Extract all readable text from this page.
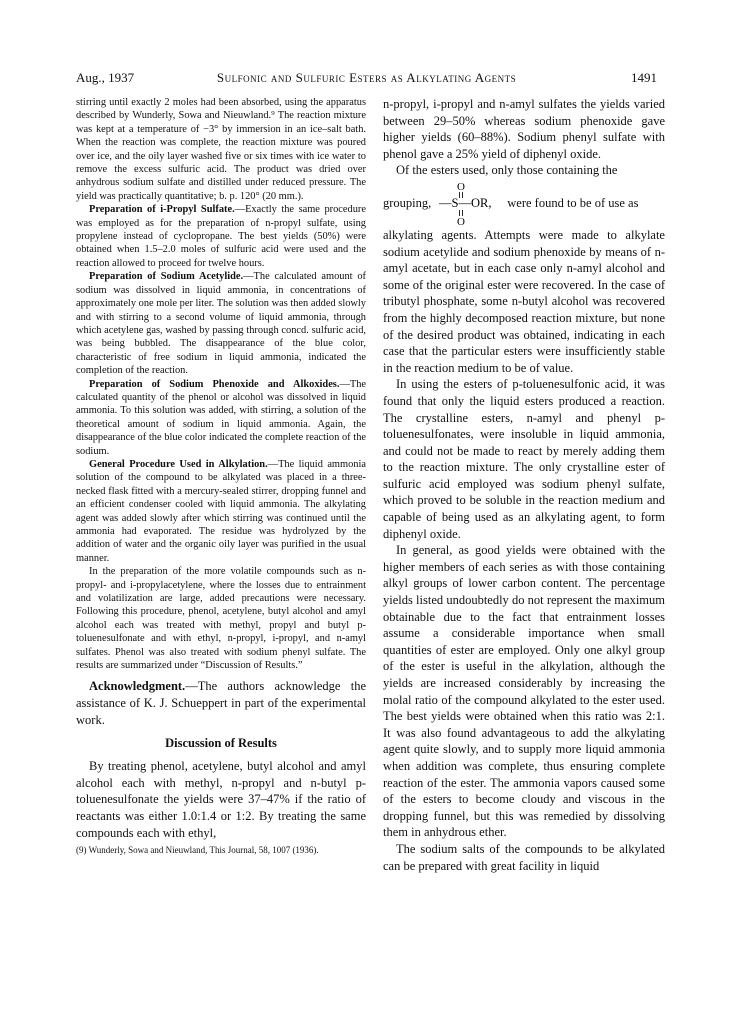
Aug., 1937	Sulfonic and Sulfuric Esters as Alkylating Agents	1491

stirring until exactly 2 moles had been absorbed, using the apparatus described by Wunderly, Sowa and Nieuwland.⁹ The reaction mixture was kept at a temperature of −3° by immersion in an ice–salt bath. When the reaction was complete, the reaction mixture was poured over ice, and the oily layer washed five or six times with ice water to remove the excess sulfuric acid. The product was dried over anhydrous sodium sulfate and distilled under reduced pressure. The yield was practically quantitative; b. p. 120° (20 mm.).

Preparation of i-Propyl Sulfate.—Exactly the same procedure was employed as for the preparation of n-propyl sulfate, using propylene instead of cyclopropane. The best yields (50%) were obtained when 1.5–2.0 moles of sulfuric acid were used and the reaction allowed to proceed for twelve hours.

Preparation of Sodium Acetylide.—The calculated amount of sodium was dissolved in liquid ammonia, in concentrations of approximately one mole per liter. The solution was then added slowly and with stirring to a second volume of liquid ammonia, through which acetylene gas, washed by passing through concd. sulfuric acid, was being bubbled. The disappearance of the blue color, characteristic of free sodium in liquid ammonia, indicated the completion of the reaction.

Preparation of Sodium Phenoxide and Alkoxides.—The calculated quantity of the phenol or alcohol was dissolved in liquid ammonia. To this solution was added, with stirring, a solution of the theoretical amount of sodium in liquid ammonia. Again, the disappearance of the blue color indicated the complete reaction of the sodium.

General Procedure Used in Alkylation.—The liquid ammonia solution of the compound to be alkylated was placed in a three-necked flask fitted with a mercury-sealed stirrer, dropping funnel and an efficient condenser cooled with liquid ammonia. The alkylating agent was added slowly after which stirring was continued until the ammonia had evaporated. The residue was hydrolyzed by the addition of water and the organic oily layer was purified in the usual manner.

In the preparation of the more volatile compounds such as n-propyl- and i-propylacetylene, where the losses due to entrainment and volatilization are large, added precautions were necessary. Following this procedure, phenol, acetylene, butyl alcohol and amyl alcohol each was treated with methyl, propyl and butyl p-toluenesulfonate and with ethyl, n-propyl, i-propyl, and n-amyl sulfates. Phenol was also treated with sodium phenyl sulfate. The results are summarized under “Discussion of Results.”

Acknowledgment.—The authors acknowledge the assistance of K. J. Schueppert in part of the experimental work.

Discussion of Results

By treating phenol, acetylene, butyl alcohol and amyl alcohol each with methyl, n-propyl and n-butyl p-toluenesulfonate the yields were 37–47% if the ratio of reactants was either 1.0:1.4 or 1:2. By treating the same compounds each with ethyl,

(9) Wunderly, Sowa and Nieuwland, This Journal, 58, 1007 (1936).

n-propyl, i-propyl and n-amyl sulfates the yields varied between 29–50% whereas sodium phenoxide gave higher yields (60–88%). Sodium phenyl sulfate with phenol gave a 25% yield of diphenyl oxide.

Of the esters used, only those containing the

grouping,
O
—S—OR,
O
were found to be of use as

alkylating agents. Attempts were made to alkylate sodium acetylide and sodium phenoxide by means of n-amyl acetate, but in each case only n-amyl alcohol and some of the original ester were recovered. In the case of tributyl phosphate, some n-butyl alcohol was recovered from the highly decomposed reaction mixture, but none of the desired product was obtained, indicating in each case that the particular esters were insufficiently stable in the reaction medium to be of value.

In using the esters of p-toluenesulfonic acid, it was found that only the liquid esters produced a reaction. The crystalline esters, n-amyl and phenyl p-toluenesulfonates, were insoluble in liquid ammonia, and could not be made to react by merely adding them to the reaction mixture. The only crystalline ester of sulfuric acid employed was sodium phenyl sulfate, which proved to be soluble in the reaction medium and capable of being used as an alkylating agent, to form diphenyl oxide.

In general, as good yields were obtained with the higher members of each series as with those containing alkyl groups of lower carbon content. The percentage yields listed undoubtedly do not represent the maximum obtainable due to the fact that entrainment losses assume a considerable importance when small quantities of ester are employed. Only one alkyl group of the ester is useful in the alkylation, although the yields are increased considerably by increasing the molal ratio of the compound alkylated to the ester used. The best yields were obtained when this ratio was 2:1. It was also found advantageous to add the alkylating agent quite slowly, and to supply more liquid ammonia when addition was complete, thus ensuring complete reaction of the ester. The ammonia vapors caused some of the esters to become cloudy and viscous in the dropping funnel, but this was remedied by dissolving them in anhydrous ether.

The sodium salts of the compounds to be alkylated can be prepared with great facility in liquid
